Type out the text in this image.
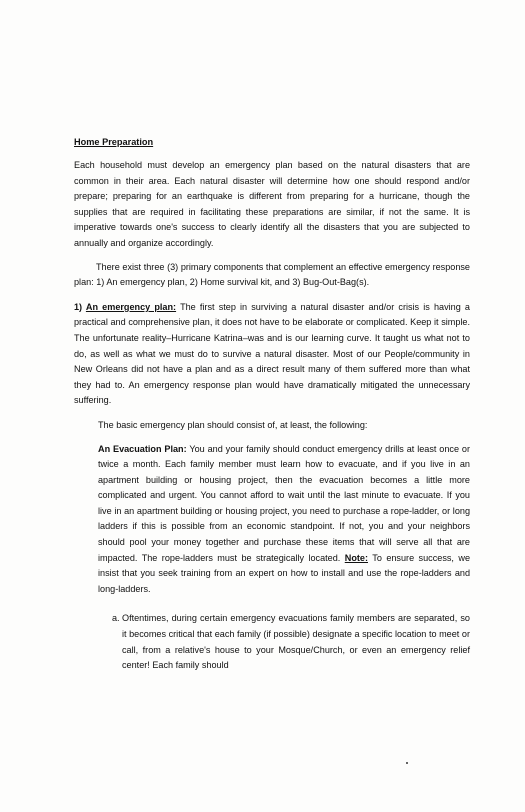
Home Preparation

Each household must develop an emergency plan based on the natural disasters that are common in their area. Each natural disaster will determine how one should respond and/or prepare; preparing for an earthquake is different from preparing for a hurricane, though the supplies that are required in facilitating these preparations are similar, if not the same. It is imperative towards one's success to clearly identify all the disasters that you are subjected to annually and organize accordingly.

There exist three (3) primary components that complement an effective emergency response plan: 1) An emergency plan, 2) Home survival kit, and 3) Bug-Out-Bag(s).

1) An emergency plan: The first step in surviving a natural disaster and/or crisis is having a practical and comprehensive plan, it does not have to be elaborate or complicated. Keep it simple. The unfortunate reality–Hurricane Katrina–was and is our learning curve. It taught us what not to do, as well as what we must do to survive a natural disaster. Most of our People/community in New Orleans did not have a plan and as a direct result many of them suffered more than what they had to. An emergency response plan would have dramatically mitigated the unnecessary suffering.

The basic emergency plan should consist of, at least, the following:

An Evacuation Plan: You and your family should conduct emergency drills at least once or twice a month. Each family member must learn how to evacuate, and if you live in an apartment building or housing project, then the evacuation becomes a little more complicated and urgent. You cannot afford to wait until the last minute to evacuate. If you live in an apartment building or housing project, you need to purchase a rope-ladder, or long ladders if this is possible from an economic standpoint. If not, you and your neighbors should pool your money together and purchase these items that will serve all that are impacted. The rope-ladders must be strategically located. Note: To ensure success, we insist that you seek training from an expert on how to install and use the rope-ladders and long-ladders.

a. Oftentimes, during certain emergency evacuations family members are separated, so it becomes critical that each family (if possible) designate a specific location to meet or call, from a relative's house to your Mosque/Church, or even an emergency relief center! Each family should
